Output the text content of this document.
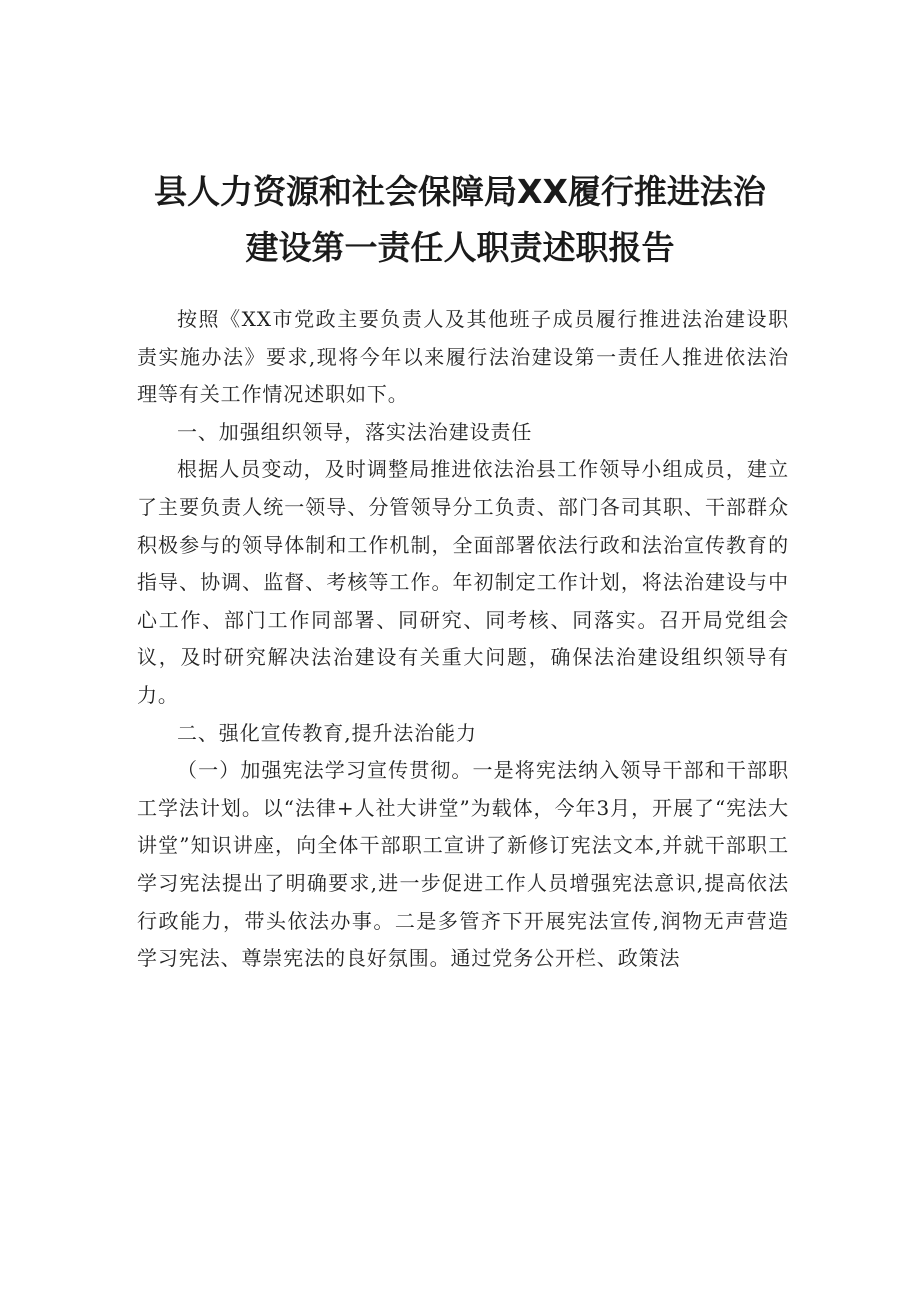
县人力资源和社会保障局XX履行推进法治
建设第一责任人职责述职报告

按照《XX市党政主要负责人及其他班子成员履行推进法治建设职责实施办法》要求,现将今年以来履行法治建设第一责任人推进依法治理等有关工作情况述职如下。

一、加强组织领导，落实法治建设责任

根据人员变动，及时调整局推进依法治县工作领导小组成员，建立了主要负责人统一领导、分管领导分工负责、部门各司其职、干部群众积极参与的领导体制和工作机制，全面部署依法行政和法治宣传教育的指导、协调、监督、考核等工作。年初制定工作计划，将法治建设与中心工作、部门工作同部署、同研究、同考核、同落实。召开局党组会议，及时研究解决法治建设有关重大问题，确保法治建设组织领导有力。

二、强化宣传教育,提升法治能力

（一）加强宪法学习宣传贯彻。一是将宪法纳入领导干部和干部职工学法计划。以“法律+人社大讲堂”为载体，今年3月，开展了“宪法大讲堂”知识讲座，向全体干部职工宣讲了新修订宪法文本,并就干部职工学习宪法提出了明确要求,进一步促进工作人员增强宪法意识,提高依法行政能力，带头依法办事。二是多管齐下开展宪法宣传,润物无声营造学习宪法、尊崇宪法的良好氛围。通过党务公开栏、政策法
